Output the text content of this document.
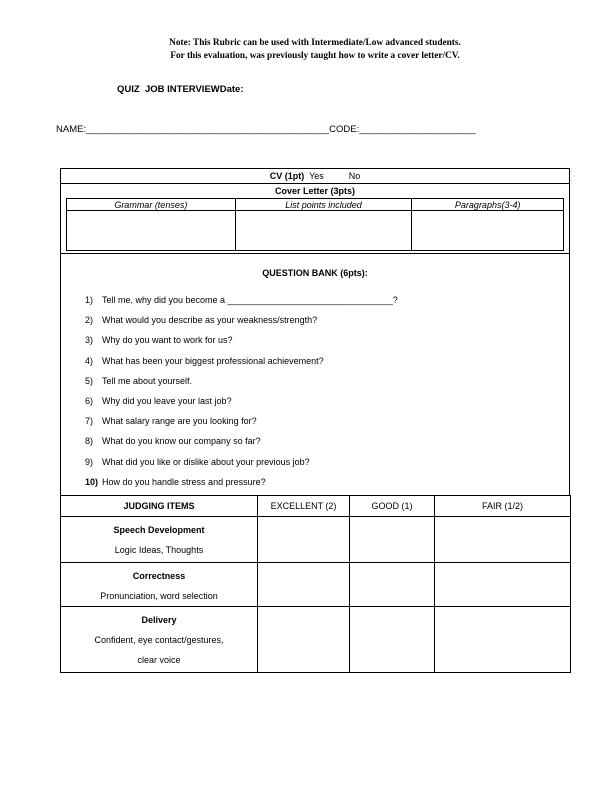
Note: This Rubric can be used with Intermediate/Low advanced students.
For this evaluation, was previously taught how to write a cover letter/CV.
QUIZ  JOB INTERVIEWDate:
NAME:______________________________________________CODE:______________________
CV (1pt) Yes	No
Cover Letter (3pts)
Grammar (tenses)	List points included	Paragraphs(3-4)

QUESTION BANK (6pts):
1) Tell me, why did you become a _________________________________?
2) What would you describe as your weakness/strength?
3) Why do you want to work for us?
4) What has been your biggest professional achievement?
5) Tell me about yourself.
6) Why did you leave your last job?
7) What salary range are you looking for?
8) What do you know our company so far?
9) What did you like or dislike about your previous job?
10) How do you handle stress and pressure?
JUDGING ITEMS	EXCELLENT (2)	GOOD (1)	FAIR (1/2)

Speech Development
Logic Ideas, Thoughts			

Correctness
Pronunciation, word selection			

Delivery
Confident, eye contact/gestures,
clear voice			
